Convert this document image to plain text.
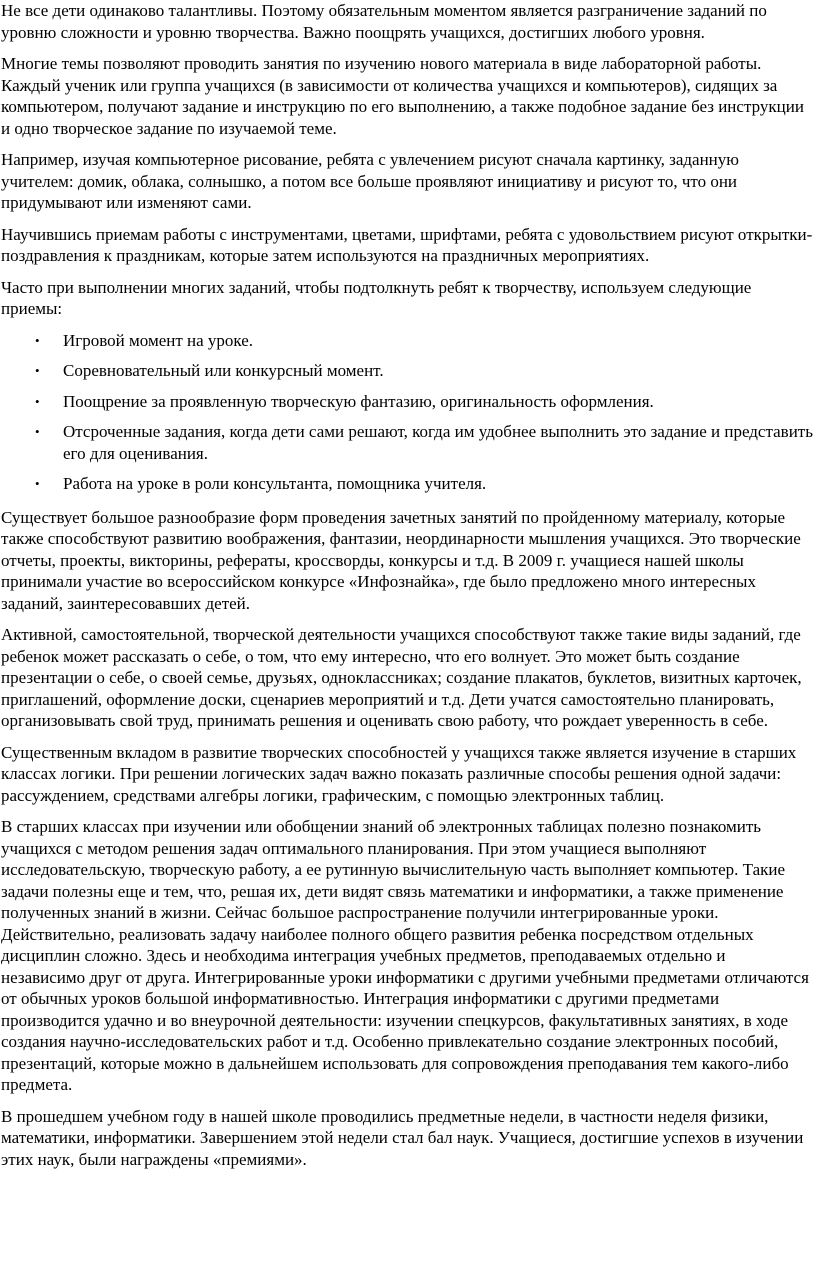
Не все дети одинаково талантливы. Поэтому обязательным моментом является разграничение заданий по уровню сложности и уровню творчества. Важно поощрять учащихся, достигших любого уровня.

Многие темы позволяют проводить занятия по изучению нового материала в виде лабораторной работы. Каждый ученик или группа учащихся (в зависимости от количества учащихся и компьютеров), сидящих за компьютером, получают задание и инструкцию по его выполнению, а также подобное задание без инструкции и одно творческое задание по изучаемой теме.

Например, изучая компьютерное рисование, ребята с увлечением рисуют сначала картинку, заданную учителем: домик, облака, солнышко, а потом все больше проявляют инициативу и рисуют то, что они придумывают или изменяют сами.

Научившись приемам работы с инструментами, цветами, шрифтами, ребята с удовольствием рисуют открытки-поздравления к праздникам, которые затем используются на праздничных мероприятиях.

Часто при выполнении многих заданий, чтобы подтолкнуть ребят к творчеству, используем следующие приемы:

• Игровой момент на уроке.
• Соревновательный или конкурсный момент.
• Поощрение за проявленную творческую фантазию, оригинальность оформления.
• Отсроченные задания, когда дети сами решают, когда им удобнее выполнить это задание и представить его для оценивания.
• Работа на уроке в роли консультанта, помощника учителя.

Существует большое разнообразие форм проведения зачетных занятий по пройденному материалу, которые также способствуют развитию воображения, фантазии, неординарности мышления учащихся. Это творческие отчеты, проекты, викторины, рефераты, кроссворды, конкурсы и т.д. В 2009 г. учащиеся нашей школы принимали участие во всероссийском конкурсе «Инфознайка», где было предложено много интересных заданий, заинтересовавших детей.

Активной, самостоятельной, творческой деятельности учащихся способствуют также такие виды заданий, где ребенок может рассказать о себе, о том, что ему интересно, что его волнует. Это может быть создание презентации о себе, о своей семье, друзьях, одноклассниках; создание плакатов, буклетов, визитных карточек, приглашений, оформление доски, сценариев мероприятий и т.д. Дети учатся самостоятельно планировать, организовывать свой труд, принимать решения и оценивать свою работу, что рождает уверенность в себе.

Существенным вкладом в развитие творческих способностей у учащихся также является изучение в старших классах логики. При решении логических задач важно показать различные способы решения одной задачи: рассуждением, средствами алгебры логики, графическим, с помощью электронных таблиц.

В старших классах при изучении или обобщении знаний об электронных таблицах полезно познакомить учащихся с методом решения задач оптимального планирования. При этом учащиеся выполняют исследовательскую, творческую работу, а ее рутинную вычислительную часть выполняет компьютер. Такие задачи полезны еще и тем, что, решая их, дети видят связь математики и информатики, а также применение полученных знаний в жизни. Сейчас большое распространение получили интегрированные уроки. Действительно, реализовать задачу наиболее полного общего развития ребенка посредством отдельных дисциплин сложно. Здесь и необходима интеграция учебных предметов, преподаваемых отдельно и независимо друг от друга. Интегрированные уроки информатики с другими учебными предметами отличаются от обычных уроков большой информативностью. Интеграция информатики с другими предметами производится удачно и во внеурочной деятельности: изучении спецкурсов, факультативных занятиях, в ходе создания научно-исследовательских работ и т.д. Особенно привлекательно создание электронных пособий, презентаций, которые можно в дальнейшем использовать для сопровождения преподавания тем какого-либо предмета.

В прошедшем учебном году в нашей школе проводились предметные недели, в частности неделя физики, математики, информатики. Завершением этой недели стал бал наук. Учащиеся, достигшие успехов в изучении этих наук, были награждены «премиями».
